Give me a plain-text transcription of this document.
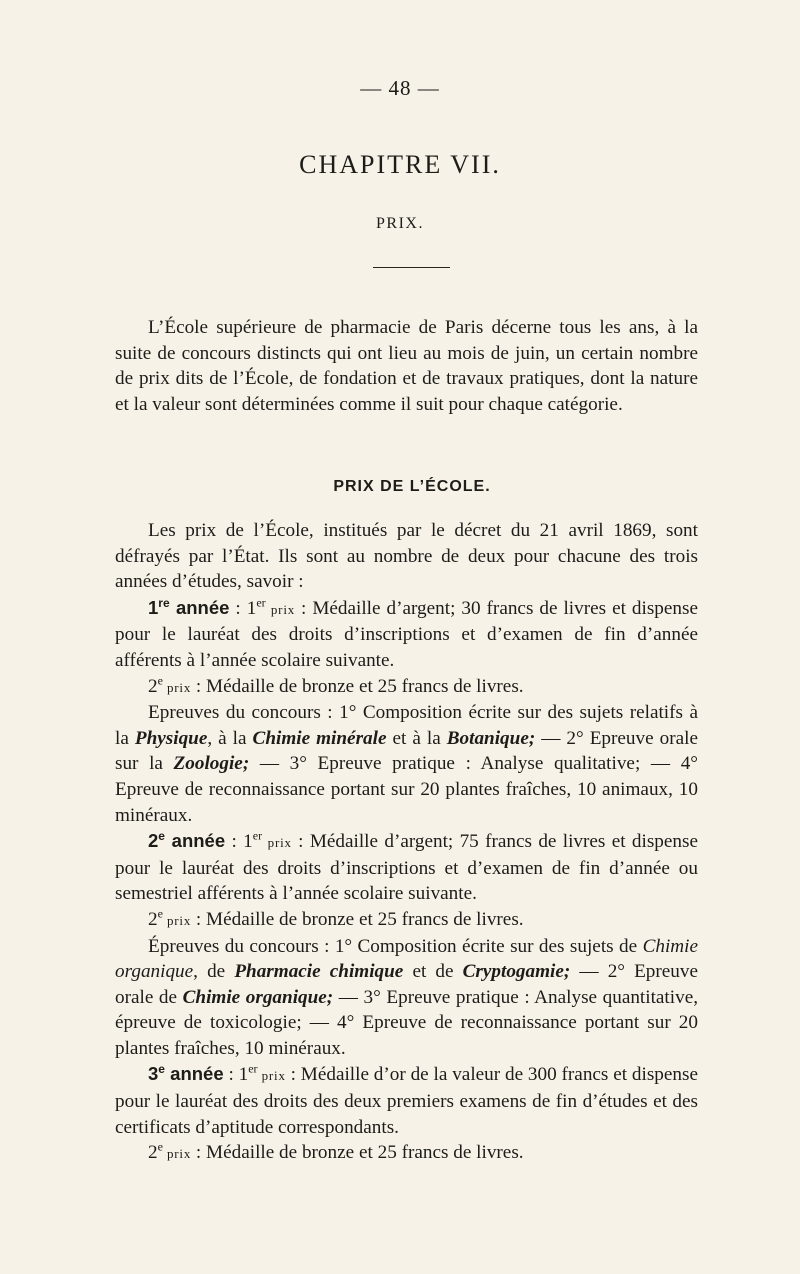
— 48 —
CHAPITRE VII.
PRIX.

L’École supérieure de pharmacie de Paris décerne tous les ans, à la suite de concours distincts qui ont lieu au mois de juin, un certain nombre de prix dits de l’École, de fondation et de travaux pratiques, dont la nature et la valeur sont déterminées comme il suit pour chaque catégorie.

PRIX DE L’ÉCOLE.

Les prix de l’École, institués par le décret du 21 avril 1869, sont défrayés par l’État. Ils sont au nombre de deux pour chacune des trois années d’études, savoir :

1re année : 1er prix : Médaille d’argent; 30 francs de livres et dispense pour le lauréat des droits d’inscriptions et d’examen de fin d’année afférents à l’année scolaire suivante.

2e prix : Médaille de bronze et 25 francs de livres.

Epreuves du concours : 1° Composition écrite sur des sujets relatifs à la Physique, à la Chimie minérale et à la Botanique; — 2° Epreuve orale sur la Zoologie; — 3° Epreuve pratique : Analyse qualitative; — 4° Epreuve de reconnaissance portant sur 20 plantes fraîches, 10 animaux, 10 minéraux.

2e année : 1er prix : Médaille d’argent; 75 francs de livres et dispense pour le lauréat des droits d’inscriptions et d’examen de fin d’année ou semestriel afférents à l’année scolaire suivante.

2e prix : Médaille de bronze et 25 francs de livres.

Épreuves du concours : 1° Composition écrite sur des sujets de Chimie organique, de Pharmacie chimique et de Cryptogamie; — 2° Epreuve orale de Chimie organique; — 3° Epreuve pratique : Analyse quantitative, épreuve de toxicologie; — 4° Epreuve de reconnaissance portant sur 20 plantes fraîches, 10 minéraux.

3e année : 1er prix : Médaille d’or de la valeur de 300 francs et dispense pour le lauréat des droits des deux premiers examens de fin d’études et des certificats d’aptitude correspondants.

2e prix : Médaille de bronze et 25 francs de livres.
